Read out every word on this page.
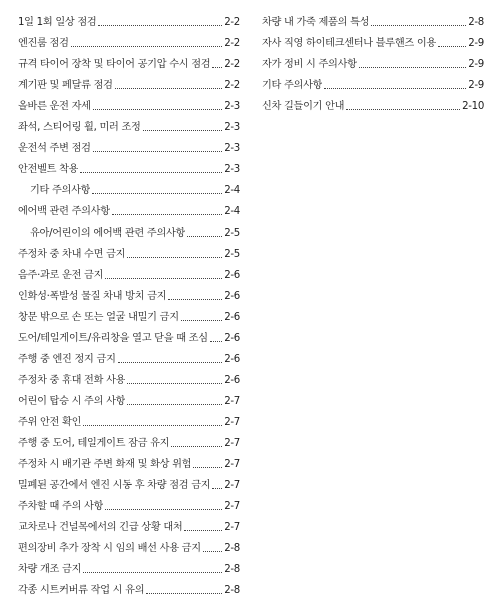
1일 1회 일상 점검	2-2
엔진룸 점검	2-2
규격 타이어 장착 및 타이어 공기압 수시 점검 2-2
계기판 및 페달류 점검	2-2
올바른 운전 자세	2-3
좌석, 스티어링 휠, 미러 조정	2-3
운전석 주변 점검	2-3
안전벨트 착용	2-3
기타 주의사항	2-4
에어백 관련 주의사항	2-4
유아/어린이의 에어백 관련 주의사항	2-5
주정차 중 차내 수면 금지	2-5
음주·과로 운전 금지	2-6
인화성·폭발성 물질 차내 방치 금지	2-6
창문 밖으로 손 또는 얼굴 내밀기 금지	2-6
도어/테일게이트/유리창을 열고 닫을 때 조심 2-6
주행 중 엔진 정지 금지	2-6
주정차 중 휴대 전화 사용	2-6
어린이 탑승 시 주의 사항	2-7
주위 안전 확인	2-7
주행 중 도어, 테일게이트 잠금 유지	2-7
주정차 시 배기관 주변 화재 및 화상 위험	2-7
밀폐된 공간에서 엔진 시동 후 차량 점검 금지 2-7
주차할 때 주의 사항	2-7
교차로나 건널목에서의 긴급 상황 대처	2-7
편의장비 추가 장착 시 임의 배선 사용 금지 2-8
차량 개조 금지	2-8
각종 시트커버류 작업 시 유의	2-8
차량 내 가죽 제품의 특성	2-8
자사 직영 하이테크센터나 블루핸즈 이용	2-9
자가 정비 시 주의사항	2-9
기타 주의사항	2-9
신차 길들이기 안내	2-10
